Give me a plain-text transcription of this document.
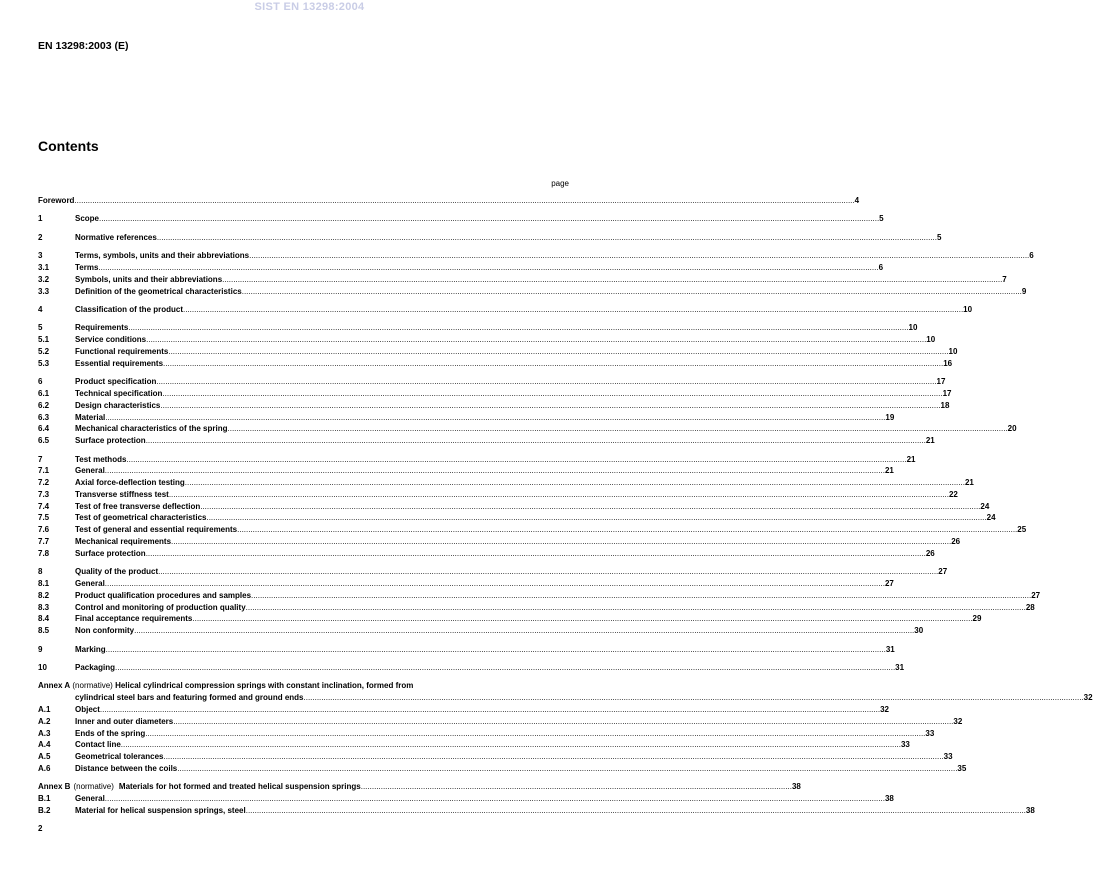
SIST EN 13298:2004
EN 13298:2003 (E)
Contents
page
Foreword .....	4
1	Scope .....	5
2	Normative references .....	5
3	Terms, symbols, units and their abbreviations .....	6
3.1	Terms .....	6
3.2	Symbols, units and their abbreviations .....	7
3.3	Definition of the geometrical characteristics .....	9
4	Classification of the product .....	10
5	Requirements .....	10
5.1	Service conditions .....	10
5.2	Functional requirements .....	10
5.3	Essential requirements .....	16
6	Product specification .....	17
6.1	Technical specification .....	17
6.2	Design characteristics .....	18
6.3	Material .....	19
6.4	Mechanical characteristics of the spring .....	20
6.5	Surface protection .....	21
7	Test methods .....	21
7.1	General .....	21
7.2	Axial force-deflection testing .....	21
7.3	Transverse stiffness test .....	22
7.4	Test of free transverse deflection .....	24
7.5	Test of geometrical characteristics .....	24
7.6	Test of general and essential requirements .....	25
7.7	Mechanical requirements .....	26
7.8	Surface protection .....	26
8	Quality of the product .....	27
8.1	General .....	27
8.2	Product qualification procedures and samples .....	27
8.3	Control and monitoring of production quality .....	28
8.4	Final acceptance requirements .....	29
8.5	Non conformity .....	30
9	Marking .....	31
10	Packaging .....	31
Annex A (normative) Helical cylindrical compression springs with constant inclination, formed from
cylindrical steel bars and featuring formed and ground ends .....	32
A.1	Object .....	32
A.2	Inner and outer diameters .....	32
A.3	Ends of the spring .....	33
A.4	Contact line .....	33
A.5	Geometrical tolerances .....	33
A.6	Distance between the coils .....	35
Annex B (normative) Materials for hot formed and treated helical suspension springs .................................................................................................................................................................................................. 38
B.1	General .....	38
B.2	Material for helical suspension springs, steel .....	38
2
